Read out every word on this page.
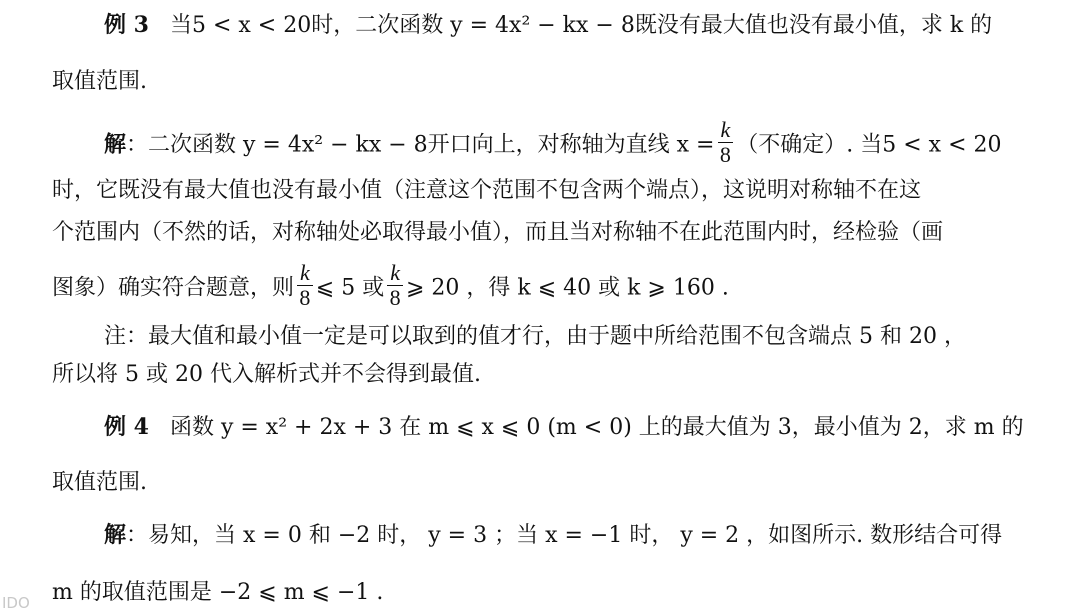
例 3 当5 < x < 20时，二次函数 y = 4x² − kx − 8既没有最大值也没有最小值，求 k 的
取值范围.
解：二次函数 y = 4x² − kx − 8开口向上，对称轴为直线 $x = \frac{k}{8}$ （不确定）. 当5 < x < 20
时，它既没有最大值也没有最小值（注意这个范围不包含两个端点），这说明对称轴不在这
个范围内（不然的话，对称轴处必取得最小值），而且当对称轴不在此范围内时，经检验（画
图象）确实符合题意，则 $\frac{k}{8}$ ⩽ 5 或 $\frac{k}{8}$ ⩾ 20 ，得 k ⩽ 40 或 k ⩾ 160 .
注：最大值和最小值一定是可以取到的值才行，由于题中所给范围不包含端点 5 和 20 ，
所以将 5 或 20 代入解析式并不会得到最值.
例 4 函数 y = x² + 2x + 3 在 m ⩽ x ⩽ 0 (m < 0) 上的最大值为 3，最小值为 2，求 m 的
取值范围.
解：易知，当 x = 0 和 −2 时， y = 3 ；当 x = −1 时， y = 2 ，如图所示. 数形结合可得
m 的取值范围是 −2 ⩽ m ⩽ −1 .
IDO
